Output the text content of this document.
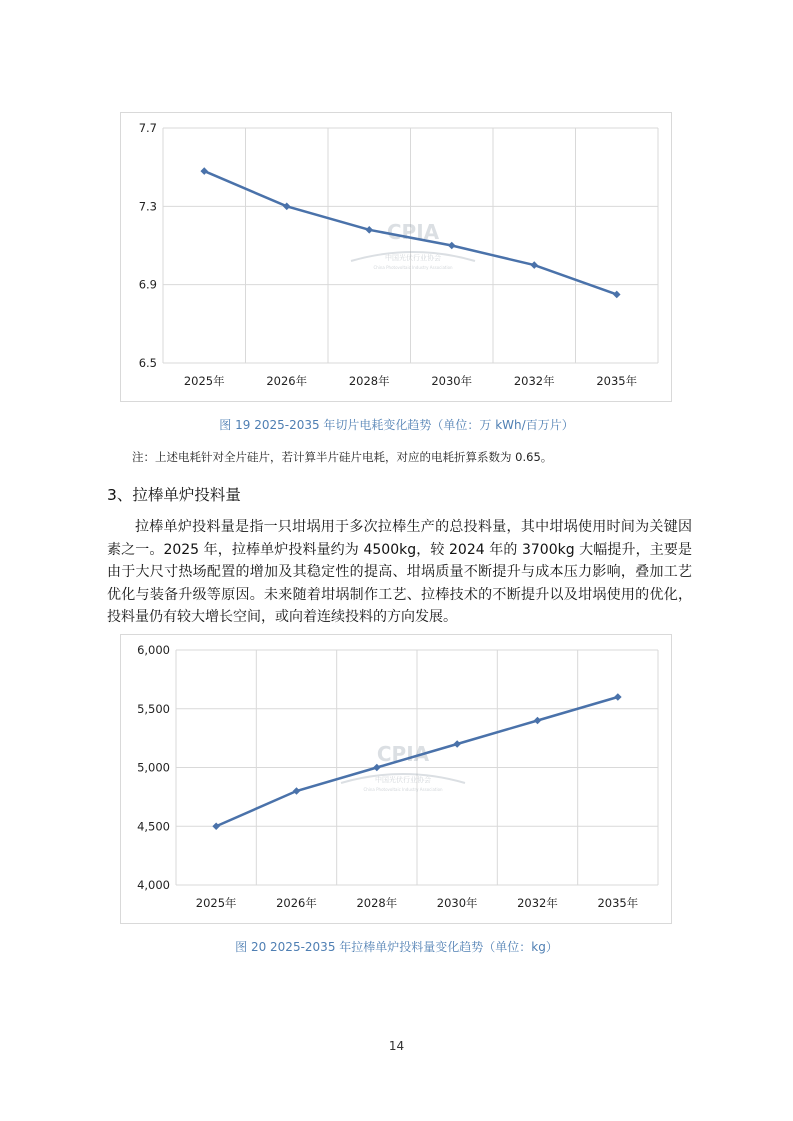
6.5
6.9
7.3
7.7
2025年	2026年	2028年	2030年	2032年	2035年
CPIA
中国光伏行业协会
China Photovoltaic Industry Association
图 19 2025-2035 年切片电耗变化趋势（单位：万 kWh/百万片）
注：上述电耗针对全片硅片，若计算半片硅片电耗，对应的电耗折算系数为 0.65。
3、拉棒单炉投料量

拉棒单炉投料量是指一只坩埚用于多次拉棒生产的总投料量，其中坩埚使用时间为关键因素之一。2025 年，拉棒单炉投料量约为 4500kg，较 2024 年的 3700kg 大幅提升，主要是由于大尺寸热场配置的增加及其稳定性的提高、坩埚质量不断提升与成本压力影响，叠加工艺优化与装备升级等原因。未来随着坩埚制作工艺、拉棒技术的不断提升以及坩埚使用的优化，投料量仍有较大增长空间，或向着连续投料的方向发展。

4,000
4,500
5,000
5,500
6,000
2025年	2026年	2028年	2030年	2032年	2035年
CPIA
中国光伏行业协会
China Photovoltaic Industry Association
图 20 2025-2035 年拉棒单炉投料量变化趋势（单位：kg）
14
